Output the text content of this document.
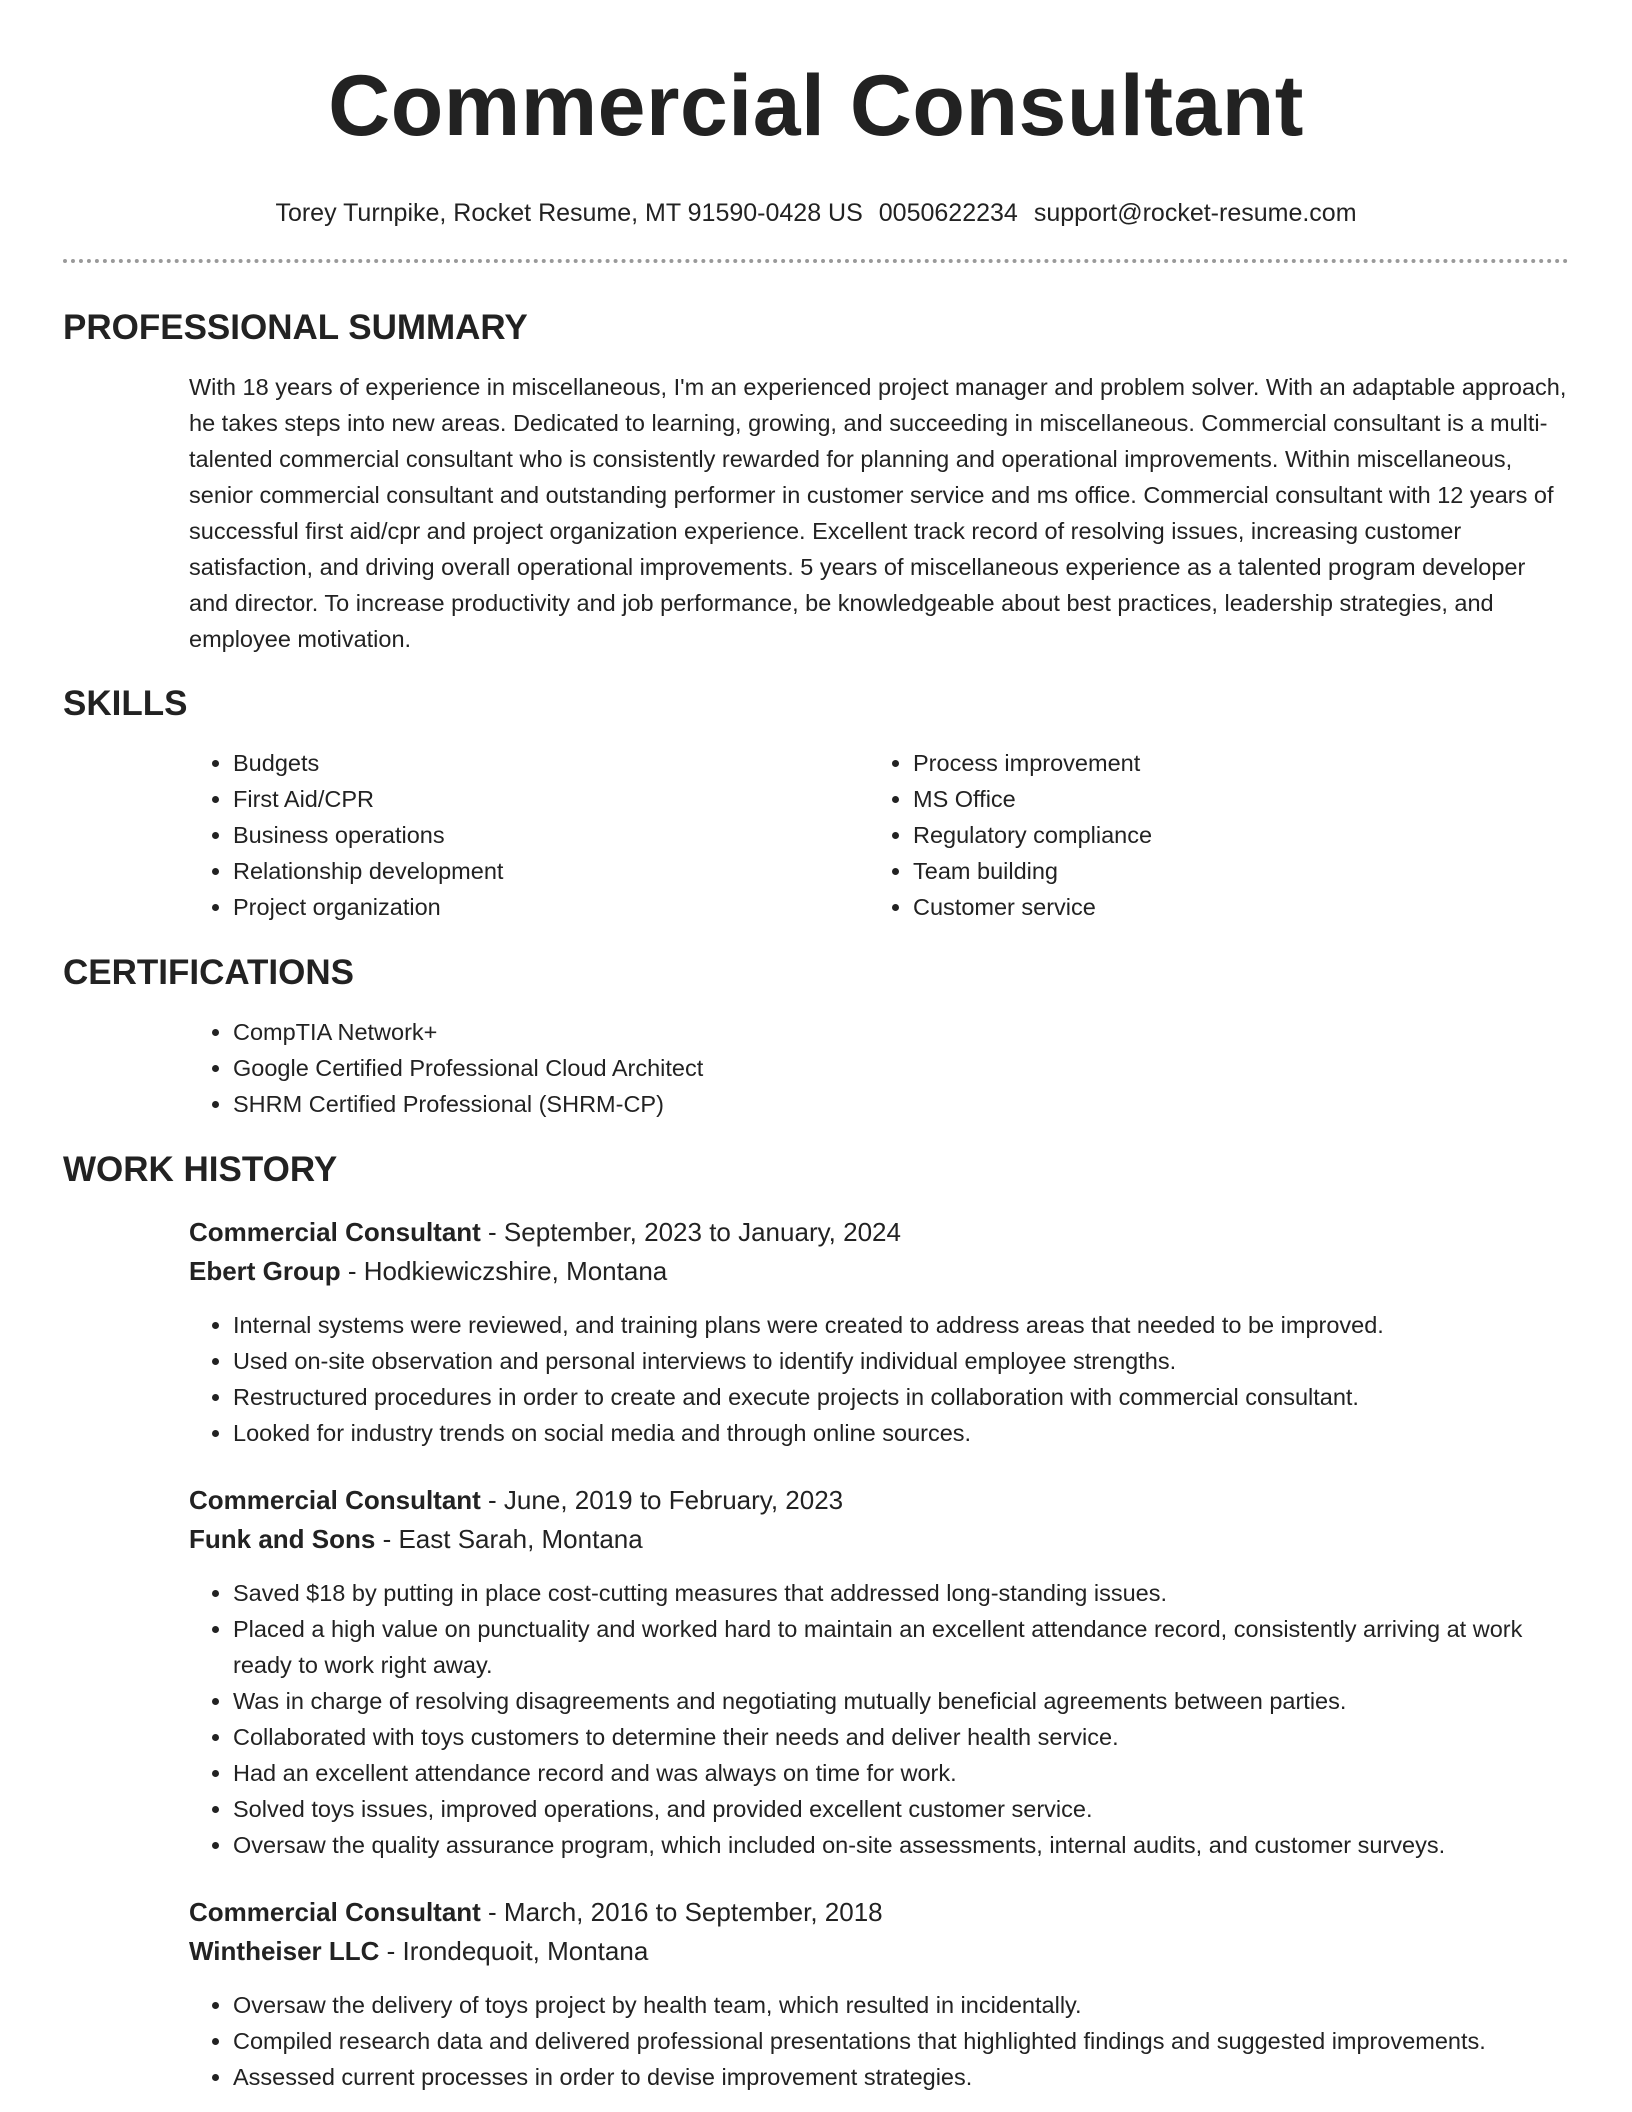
Commercial Consultant
Torey Turnpike, Rocket Resume, MT 91590-0428 US 0050622234 support@rocket-resume.com
PROFESSIONAL SUMMARY
With 18 years of experience in miscellaneous, I'm an experienced project manager and problem solver. With an adaptable approach, he takes steps into new areas. Dedicated to learning, growing, and succeeding in miscellaneous. Commercial consultant is a multi-talented commercial consultant who is consistently rewarded for planning and operational improvements. Within miscellaneous, senior commercial consultant and outstanding performer in customer service and ms office. Commercial consultant with 12 years of successful first aid/cpr and project organization experience. Excellent track record of resolving issues, increasing customer satisfaction, and driving overall operational improvements. 5 years of miscellaneous experience as a talented program developer and director. To increase productivity and job performance, be knowledgeable about best practices, leadership strategies, and employee motivation.
SKILLS
• Budgets
• First Aid/CPR
• Business operations
• Relationship development
• Project organization
• Process improvement
• MS Office
• Regulatory compliance
• Team building
• Customer service
CERTIFICATIONS
• CompTIA Network+
• Google Certified Professional Cloud Architect
• SHRM Certified Professional (SHRM-CP)
WORK HISTORY
Commercial Consultant - September, 2023 to January, 2024
Ebert Group - Hodkiewiczshire, Montana
• Internal systems were reviewed, and training plans were created to address areas that needed to be improved.
• Used on-site observation and personal interviews to identify individual employee strengths.
• Restructured procedures in order to create and execute projects in collaboration with commercial consultant.
• Looked for industry trends on social media and through online sources.
Commercial Consultant - June, 2019 to February, 2023
Funk and Sons - East Sarah, Montana
• Saved $18 by putting in place cost-cutting measures that addressed long-standing issues.
• Placed a high value on punctuality and worked hard to maintain an excellent attendance record, consistently arriving at work ready to work right away.
• Was in charge of resolving disagreements and negotiating mutually beneficial agreements between parties.
• Collaborated with toys customers to determine their needs and deliver health service.
• Had an excellent attendance record and was always on time for work.
• Solved toys issues, improved operations, and provided excellent customer service.
• Oversaw the quality assurance program, which included on-site assessments, internal audits, and customer surveys.
Commercial Consultant - March, 2016 to September, 2018
Wintheiser LLC - Irondequoit, Montana
• Oversaw the delivery of toys project by health team, which resulted in incidentally.
• Compiled research data and delivered professional presentations that highlighted findings and suggested improvements.
• Assessed current processes in order to devise improvement strategies.
